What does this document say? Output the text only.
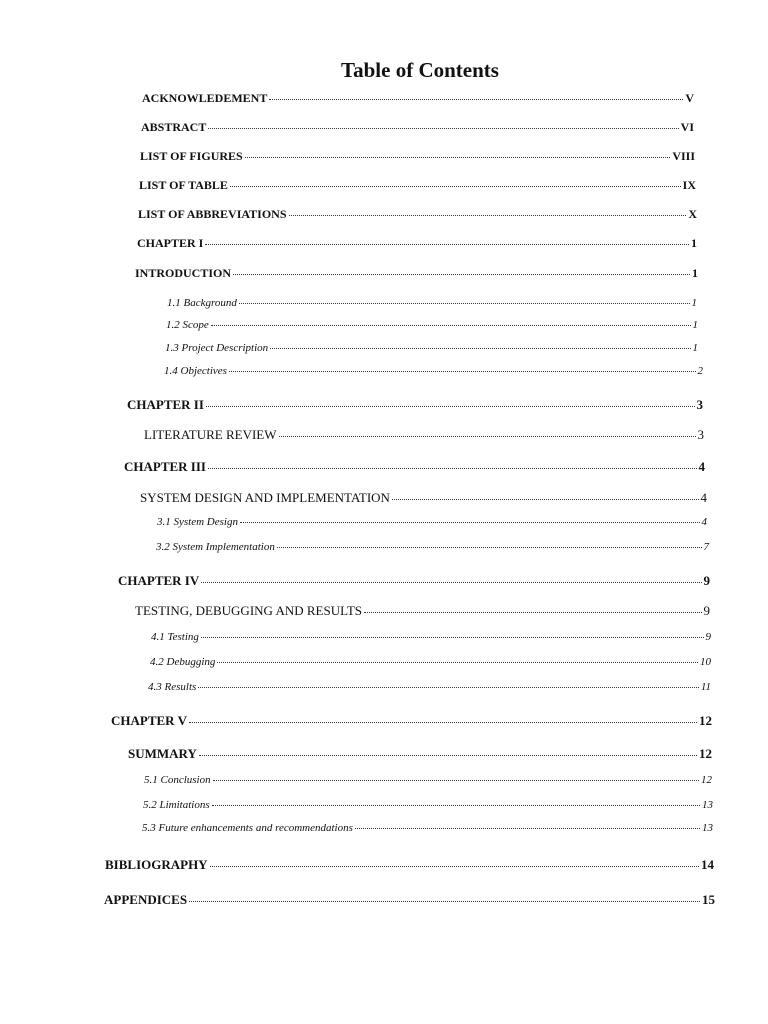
Table of Contents
ACKNOWLEDEMENT	V
ABSTRACT	VI
LIST OF FIGURES	VIII
LIST OF TABLE	IX
LIST OF ABBREVIATIONS	X
CHAPTER I	1
INTRODUCTION	1
1.1 Background	1
1.2 Scope	1
1.3 Project Description	1
1.4 Objectives	2
CHAPTER II	3
LITERATURE REVIEW	3
CHAPTER III	4
SYSTEM DESIGN AND IMPLEMENTATION	4
3.1 System Design	4
3.2 System Implementation	7
CHAPTER IV	9
TESTING, DEBUGGING AND RESULTS	9
4.1 Testing	9
4.2 Debugging	10
4.3 Results	11
CHAPTER V	12
SUMMARY	12
5.1 Conclusion	12
5.2 Limitations	13
5.3 Future enhancements and recommendations	13
BIBLIOGRAPHY	14
APPENDICES	15
